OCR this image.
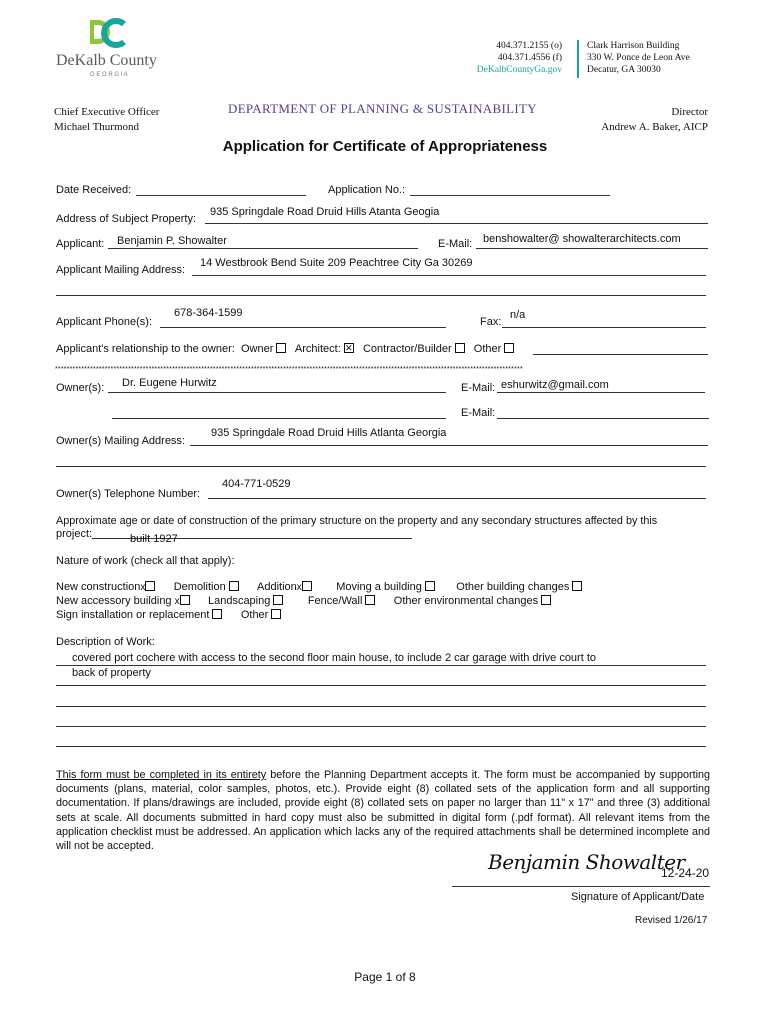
DeKalb County
G E O R G I A
404.371.2155 (o)
404.371.4556 (f)
DeKalbCountyGa.gov
Clark Harrison Building
330 W. Ponce de Leon Ave
Decatur, GA 30030
Chief Executive Officer
Michael Thurmond
DEPARTMENT OF PLANNING & SUSTAINABILITY	Director
Andrew A. Baker, AICP
Application for Certificate of Appropriateness
Date Received:	Application No.:
Address of Subject Property:
935 Springdale Road Druid Hills Atanta Geogia
Applicant: Benjamin P. Showalter	E-Mail: benshowalter@ showalterarchitects.com
Applicant Mailing Address:
14 Westbrook Bend Suite 209 Peachtree City Ga 30269
Applicant Phone(s):
678-364-1599
Fax:
n/a
Applicant's relationship to the owner: Owner Architect: ✕ Contractor/Builder Other
****************************************************************************************************************************************************************
Owner(s): Dr. Eugene Hurwitz	E-Mail: eshurwitz@gmail.com
E-Mail:
Owner(s) Mailing Address:
935 Springdale Road Druid Hills Atlanta Georgia
Owner(s) Telephone Number:
404-771-0529
Approximate age or date of construction of the primary structure on the property and any secondary structures affected by this
project:	built 1927
Nature of work (check all that apply):
New constructionx	Demolition	Additionx	Moving a building	Other building changes
New accessory building x	Landscaping	Fence/Wall	Other environmental changes
Sign installation or replacement	Other
Description of Work:
covered port cochere with access to the second floor main house, to include 2 car garage with drive court to
back of property
This form must be completed in its entirety before the Planning Department accepts it. The form must be accompanied by supporting documents (plans, material, color samples, photos, etc.). Provide eight (8) collated sets of the application form and all supporting documentation. If plans/drawings are included, provide eight (8) collated sets on paper no larger than 11" x 17" and three (3) additional sets at scale. All documents submitted in hard copy must also be submitted in digital form (.pdf format). All relevant items from the application checklist must be addressed. An application which lacks any of the required attachments shall be determined incomplete and will not be accepted.
Benjamin Showalter
12-24-20
Signature of Applicant/Date
Revised 1/26/17
Page 1 of 8
